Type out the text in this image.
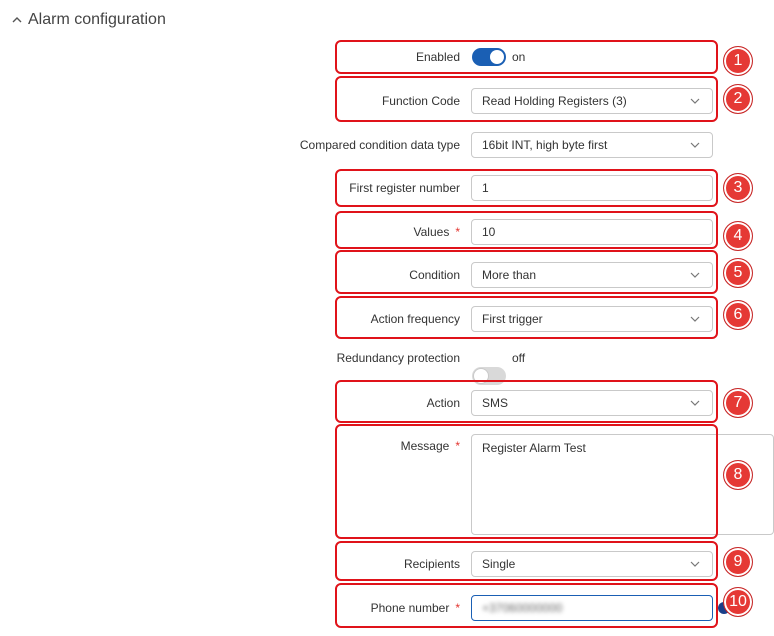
Alarm configuration
Enabled	on
Function Code Read Holding Registers (3)
Compared condition data type 16bit INT, high byte first
First register number 1
Values * 10
Condition More than
Action frequency First trigger
Redundancy protection	off
Action SMS
Message * Register Alarm Test
Recipients Single
Phone number * +37060000000
1
2
3
4
5
6
7
8
9
10
